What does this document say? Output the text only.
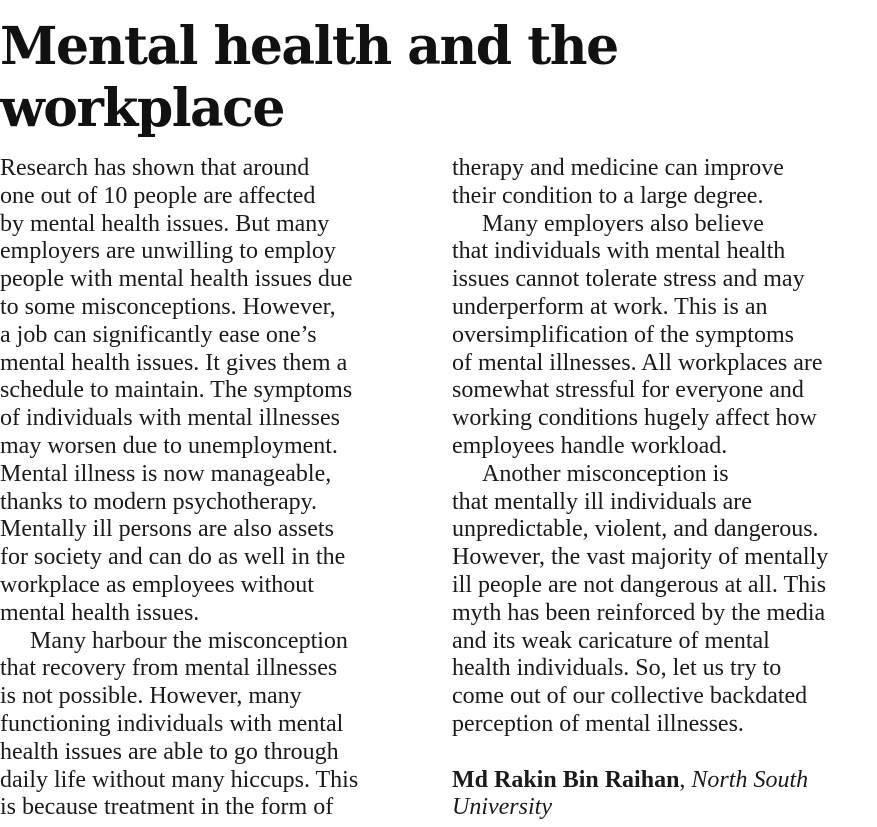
Mental health and the
workplace
Research has shown that around
one out of 10 people are affected
by mental health issues. But many
employers are unwilling to employ
people with mental health issues due
to some misconceptions. However,
a job can significantly ease one’s
mental health issues. It gives them a
schedule to maintain. The symptoms
of individuals with mental illnesses
may worsen due to unemployment.
Mental illness is now manageable,
thanks to modern psychotherapy.
Mentally ill persons are also assets
for society and can do as well in the
workplace as employees without
mental health issues.
Many harbour the misconception
that recovery from mental illnesses
is not possible. However, many
functioning individuals with mental
health issues are able to go through
daily life without many hiccups. This
is because treatment in the form of
therapy and medicine can improve
their condition to a large degree.
Many employers also believe
that individuals with mental health
issues cannot tolerate stress and may
underperform at work. This is an
oversimplification of the symptoms
of mental illnesses. All workplaces are
somewhat stressful for everyone and
working conditions hugely affect how
employees handle workload.
Another misconception is
that mentally ill individuals are
unpredictable, violent, and dangerous.
However, the vast majority of mentally
ill people are not dangerous at all. This
myth has been reinforced by the media
and its weak caricature of mental
health individuals. So, let us try to
come out of our collective backdated
perception of mental illnesses.
Md Rakin Bin Raihan, North South
University
